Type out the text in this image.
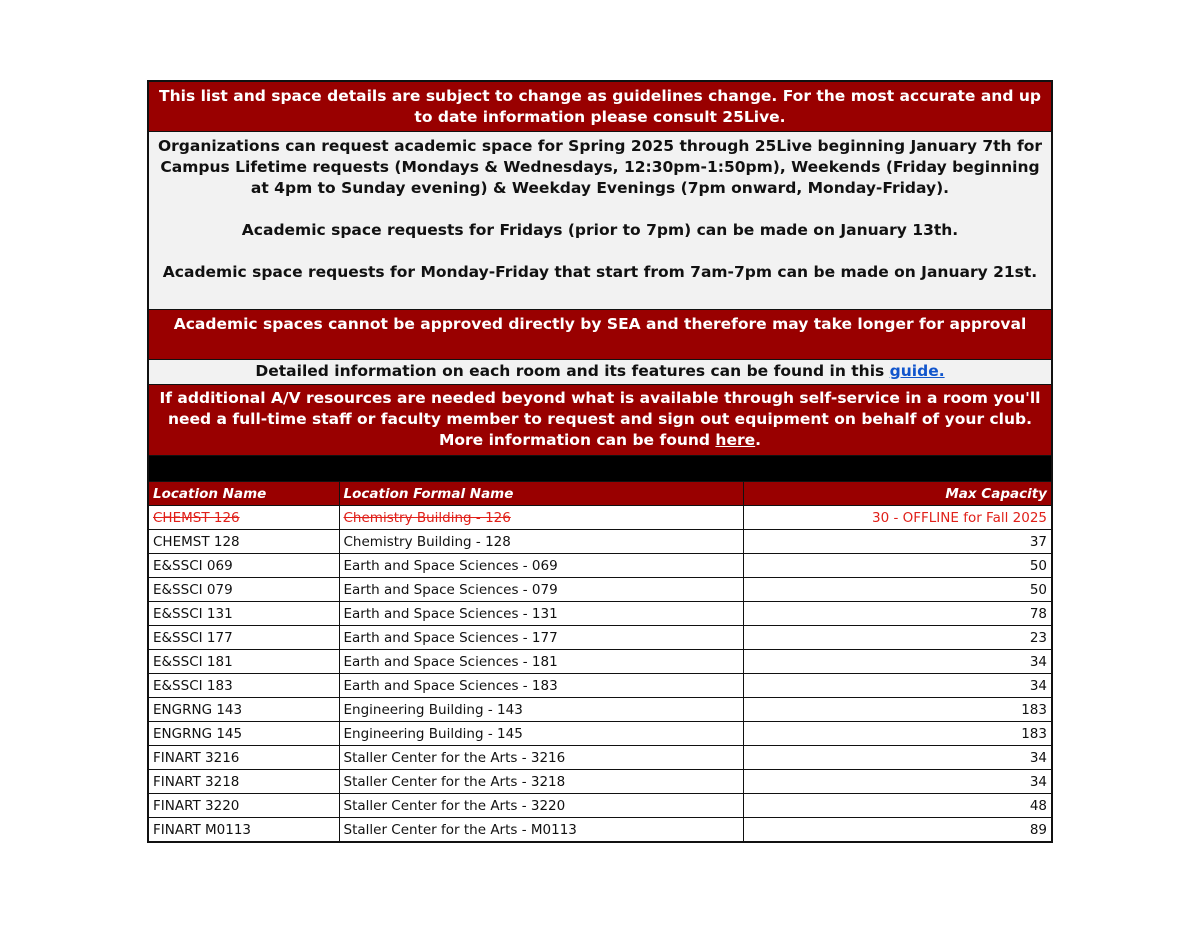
This list and space details are subject to change as guidelines change. For the most accurate and up to date information please consult 25Live.

Organizations can request academic space for Spring 2025 through 25Live beginning January 7th for Campus Lifetime requests (Mondays & Wednesdays, 12:30pm-1:50pm), Weekends (Friday beginning at 4pm to Sunday evening) & Weekday Evenings (7pm onward, Monday-Friday).

Academic space requests for Fridays (prior to 7pm) can be made on January 13th.

Academic space requests for Monday-Friday that start from 7am-7pm can be made on January 21st.

Academic spaces cannot be approved directly by SEA and therefore may take longer for approval
Detailed information on each room and its features can be found in this guide.
If additional A/V resources are needed beyond what is available through self-service in a room you'll need a full-time staff or faculty member to request and sign out equipment on behalf of your club. More information can be found here.
Location Name	Location Formal Name	Max Capacity
CHEMST 126	Chemistry Building - 126	30 - OFFLINE for Fall 2025
CHEMST 128	Chemistry Building - 128	37
E&SSCI 069	Earth and Space Sciences - 069	50
E&SSCI 079	Earth and Space Sciences - 079	50
E&SSCI 131	Earth and Space Sciences - 131	78
E&SSCI 177	Earth and Space Sciences - 177	23
E&SSCI 181	Earth and Space Sciences - 181	34
E&SSCI 183	Earth and Space Sciences - 183	34
ENGRNG 143	Engineering Building - 143	183
ENGRNG 145	Engineering Building - 145	183
FINART 3216	Staller Center for the Arts - 3216	34
FINART 3218	Staller Center for the Arts - 3218	34
FINART 3220	Staller Center for the Arts - 3220	48
FINART M0113	Staller Center for the Arts - M0113	89
